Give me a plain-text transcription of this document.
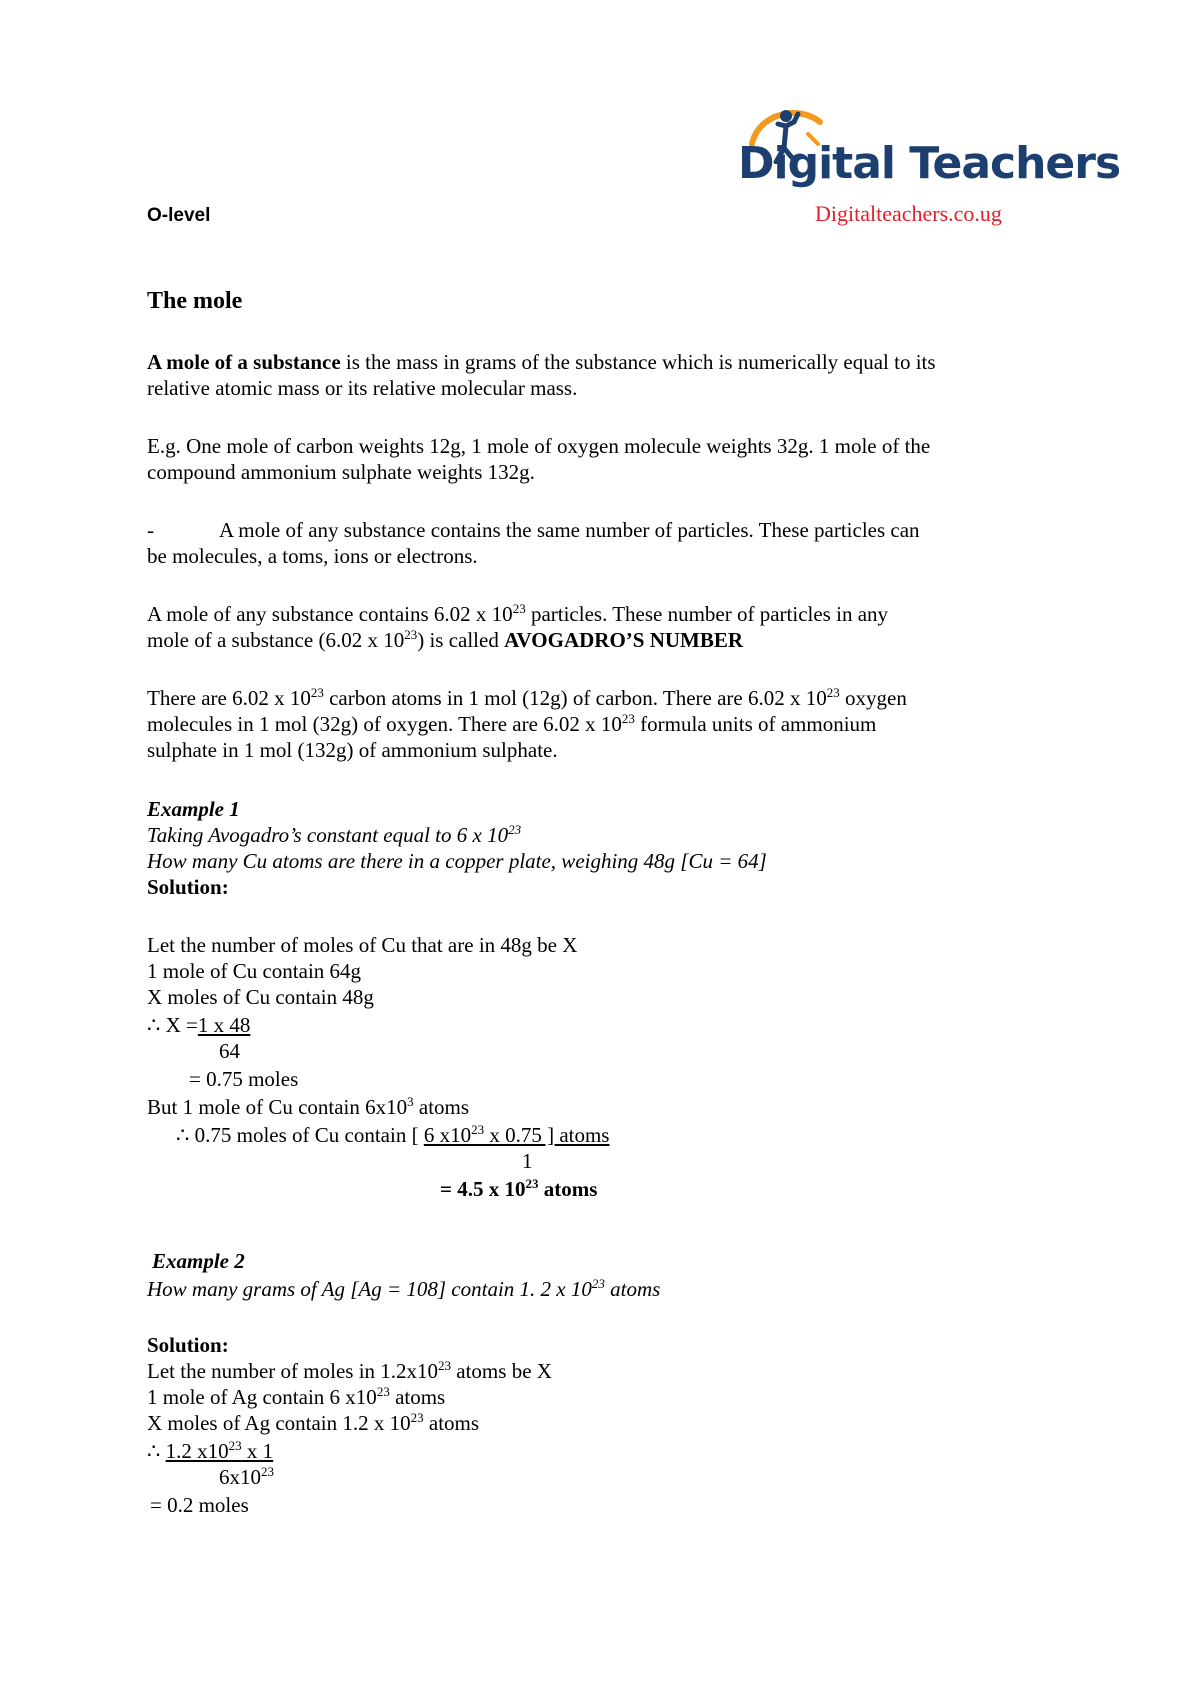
O-level
Digital Teachers
Digitalteachers.co.ug
The mole
A mole of a substance is the mass in grams of the substance which is numerically equal to its
relative atomic mass or its relative molecular mass.
E.g. One mole of carbon weights 12g, 1 mole of oxygen molecule weights 32g. 1 mole of the
compound ammonium sulphate weights 132g.
-	A mole of any substance contains the same number of particles. These particles can
be molecules, a toms, ions or electrons.
A mole of any substance contains 6.02 x $10^{23}$ particles. These number of particles in any
mole of a substance (6.02 x $10^{23}$) is called AVOGADRO’S NUMBER
There are 6.02 x $10^{23}$ carbon atoms in 1 mol (12g) of carbon. There are 6.02 x $10^{23}$ oxygen
molecules in 1 mol (32g) of oxygen. There are 6.02 x $10^{23}$ formula units of ammonium
sulphate in 1 mol (132g) of ammonium sulphate.
Example 1
Taking Avogadro’s constant equal to 6 x $10^{23}$
How many Cu atoms are there in a copper plate, weighing 48g [Cu = 64]
Solution:
Let the number of moles of Cu that are in 48g be X
1 mole of Cu contain 64g
X moles of Cu contain 48g
∴ X =1 x 48
64
= 0.75 moles
But 1 mole of Cu contain $6x10^3$ atoms
∴ 0.75 moles of Cu contain [ 6 $x10^{23}$ x 0.75 ] atoms
1
= 4.5 x $10^{23}$ atoms
Example 2
How many grams of Ag [Ag = 108] contain 1. 2 x $10^{23}$ atoms
Solution:
Let the number of moles in $1.2x10^{23}$ atoms be X
1 mole of Ag contain 6 $x10^{23}$ atoms
X moles of Ag contain 1.2 x $10^{23}$ atoms
∴ 1.2 $x10^{23}$ x 1
$6x10^{23}$
= 0.2 moles
